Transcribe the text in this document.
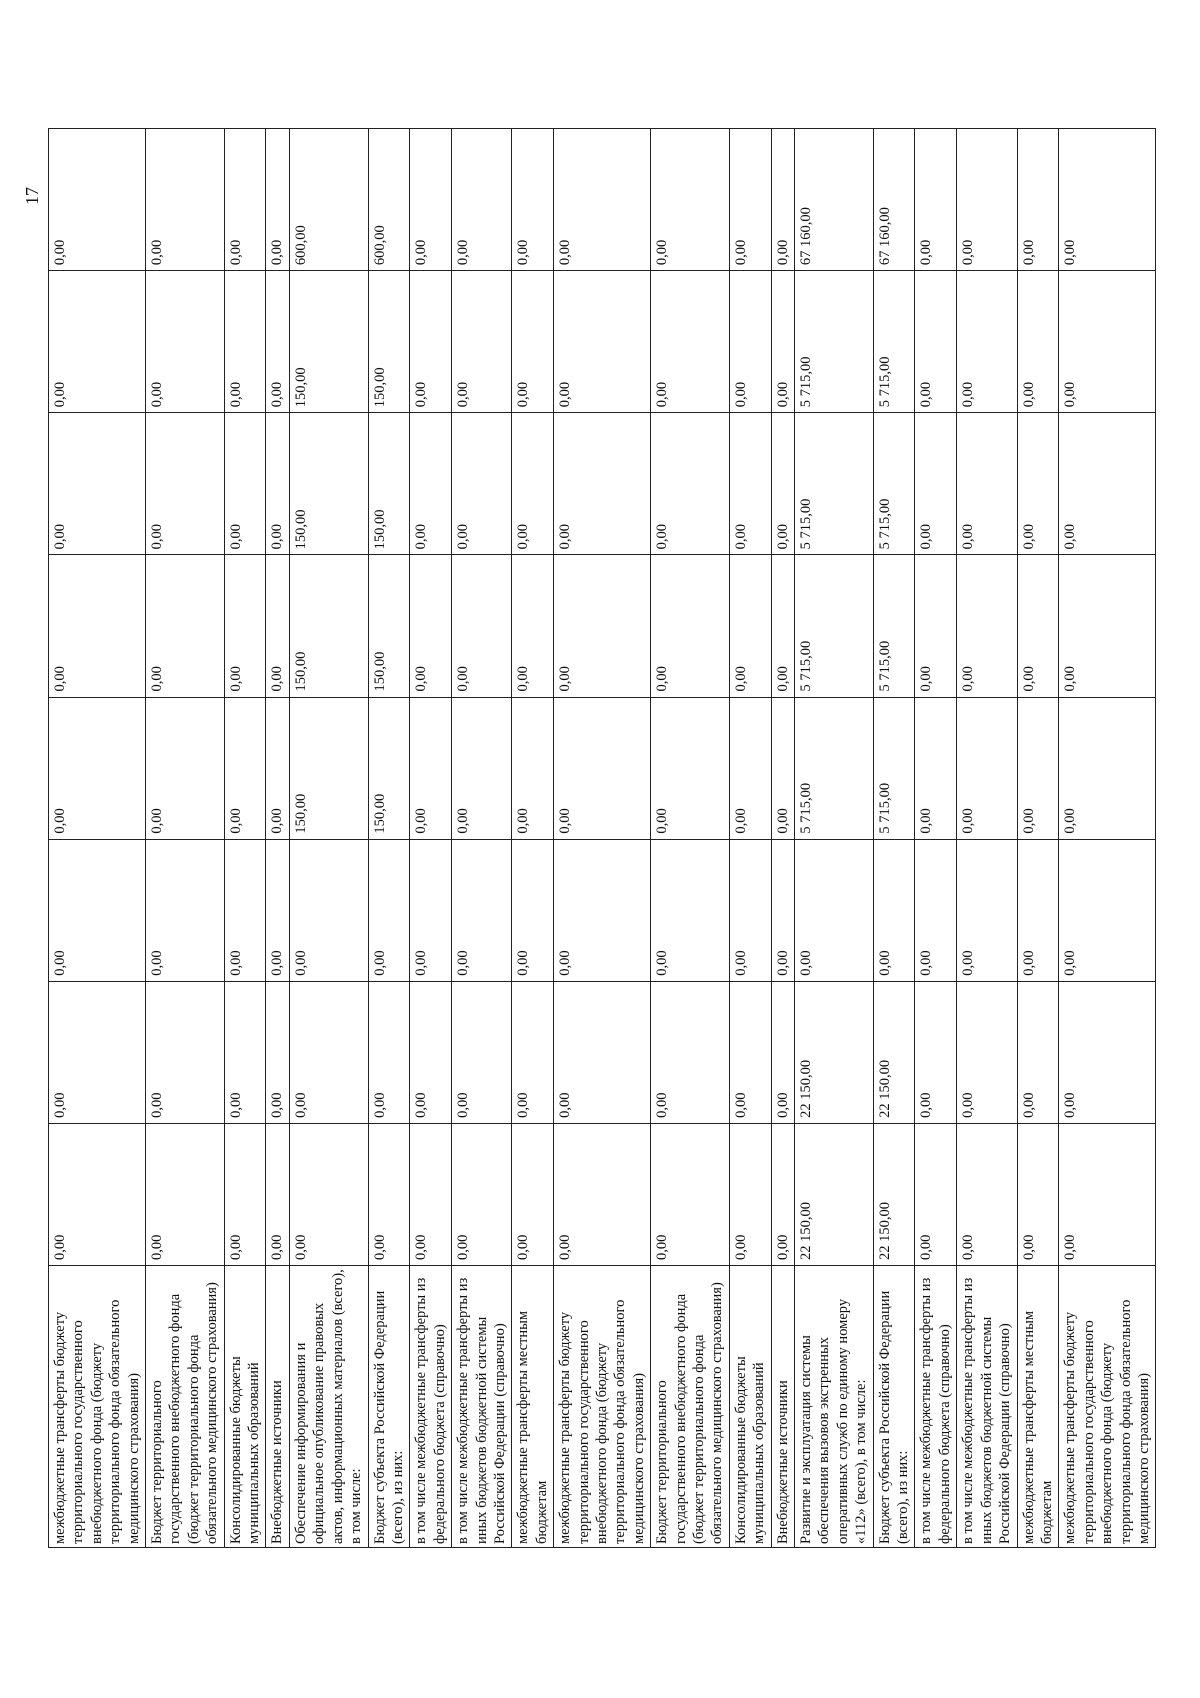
межбюджетные трансферты бюджету территориального государственного внебюджетного фонда (бюджету территориального фонда обязательного медицинского страхования)	0,00	0,00	0,00	0,00	0,00	0,00	0,00	0,00
Бюджет территориального государственного внебюджетного фонда (бюджет территориального фонда обязательного медицинского страхования)	0,00	0,00	0,00	0,00	0,00	0,00	0,00	0,00
Консолидированные бюджеты муниципальных образований	0,00	0,00	0,00	0,00	0,00	0,00	0,00	0,00
Внебюджетные источники	0,00	0,00	0,00	0,00	0,00	0,00	0,00	0,00
Обеспечение информирования и официальное опубликование правовых актов, информационных материалов (всего), в том числе:	0,00	0,00	0,00	150,00	150,00	150,00	150,00	600,00
Бюджет субъекта Российской Федерации (всего), из них:	0,00	0,00	0,00	150,00	150,00	150,00	150,00	600,00
в том числе межбюджетные трансферты из федерального бюджета (справочно)	0,00	0,00	0,00	0,00	0,00	0,00	0,00	0,00
в том числе межбюджетные трансферты из иных бюджетов бюджетной системы Российской Федерации (справочно)	0,00	0,00	0,00	0,00	0,00	0,00	0,00	0,00
межбюджетные трансферты местным бюджетам	0,00	0,00	0,00	0,00	0,00	0,00	0,00	0,00
межбюджетные трансферты бюджету территориального государственного внебюджетного фонда (бюджету территориального фонда обязательного медицинского страхования)	0,00	0,00	0,00	0,00	0,00	0,00	0,00	0,00
Бюджет территориального государственного внебюджетного фонда (бюджет территориального фонда обязательного медицинского страхования)	0,00	0,00	0,00	0,00	0,00	0,00	0,00	0,00
Консолидированные бюджеты муниципальных образований	0,00	0,00	0,00	0,00	0,00	0,00	0,00	0,00
Внебюджетные источники	0,00	0,00	0,00	0,00	0,00	0,00	0,00	0,00
Развитие и эксплуатация системы обеспечения вызовов экстренных оперативных служб по единому номеру «112» (всего), в том числе:	22 150,00	22 150,00	0,00	5 715,00	5 715,00	5 715,00	5 715,00	67 160,00
Бюджет субъекта Российской Федерации (всего), из них:	22 150,00	22 150,00	0,00	5 715,00	5 715,00	5 715,00	5 715,00	67 160,00
в том числе межбюджетные трансферты из федерального бюджета (справочно)	0,00	0,00	0,00	0,00	0,00	0,00	0,00	0,00
в том числе межбюджетные трансферты из иных бюджетов бюджетной системы Российской Федерации (справочно)	0,00	0,00	0,00	0,00	0,00	0,00	0,00	0,00
межбюджетные трансферты местным бюджетам	0,00	0,00	0,00	0,00	0,00	0,00	0,00	0,00
межбюджетные трансферты бюджету территориального государственного внебюджетного фонда (бюджету территориального фонда обязательного медицинского страхования)	0,00	0,00	0,00	0,00	0,00	0,00	0,00	0,00
17
